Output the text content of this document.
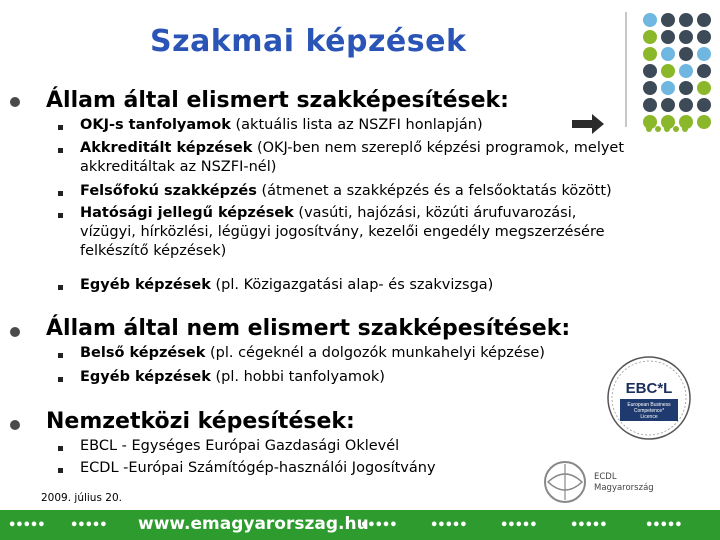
Szakmai képzések
Állam által elismert szakképesítések:
OKJ-s tanfolyamok (aktuális lista az NSZFI honlapján)
Akkreditált képzések (OKJ-ben nem szereplő képzési programok, melyet
akkreditáltak az NSZFI-nél)
Felsőfokú szakképzés (átmenet a szakképzés és a felsőoktatás között)
Hatósági jellegű képzések (vasúti, hajózási, közúti árufuvarozási,
vízügyi, hírközlési, légügyi jogosítvány, kezelői engedély megszerzésére
felkészítő képzések)
Egyéb képzések (pl. Közigazgatási alap- és szakvizsga)
Állam által nem elismert szakképesítések:
Belső képzések (pl. cégeknél a dolgozók munkahelyi képzése)
Egyéb képzések (pl. hobbi tanfolyamok)
Nemzetközi képesítések:
EBCL - Egységes Európai Gazdasági Oklevél
ECDL -Európai Számítógép-használói Jogosítvány
EBC*L
European Business
Competence*
Licence
ECDL
Magyarország
2009. július 20.
••••• ••••• www.emagyarorszag.hu
•••••	•••••	•••••	•••••	•••••
